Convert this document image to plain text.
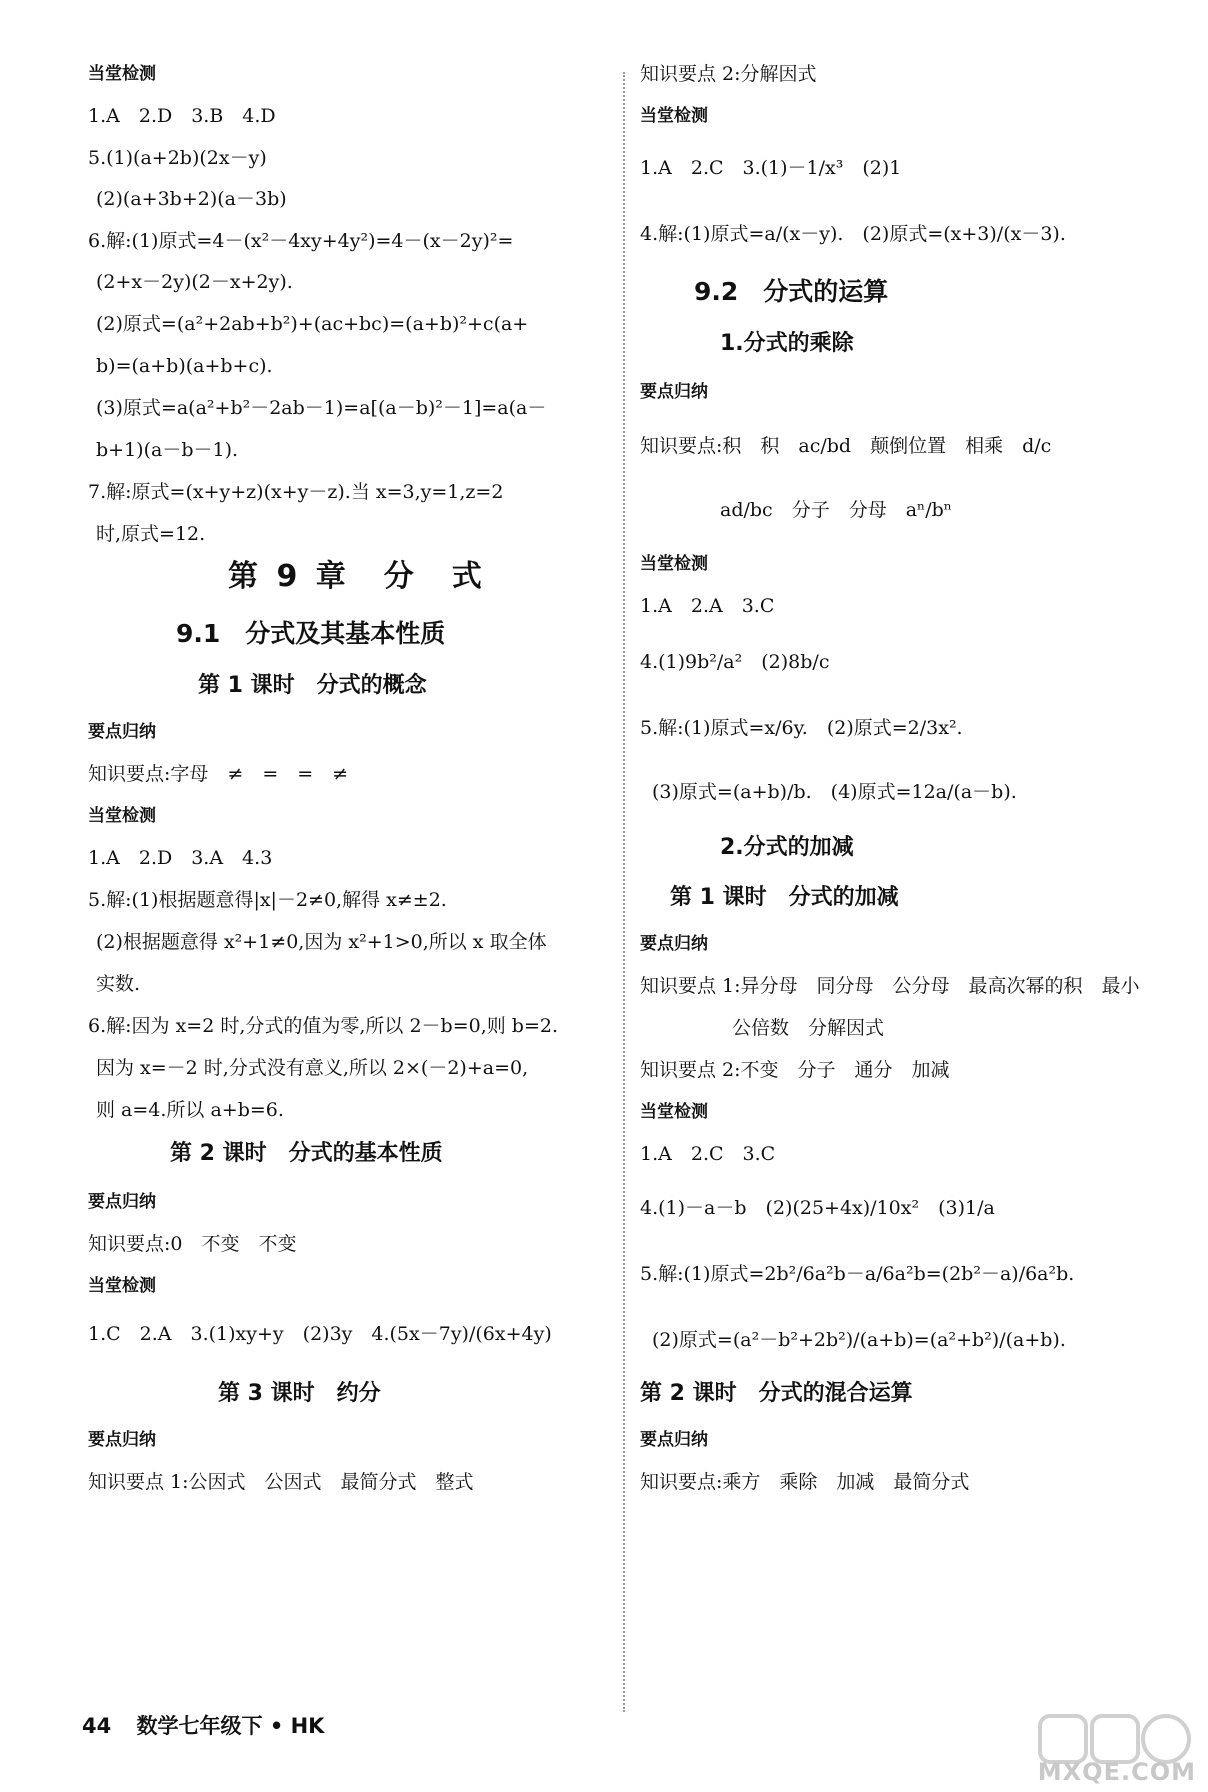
当堂检测
1.A　2.D　3.B　4.D
5.(1)(a+2b)(2x－y)
(2)(a+3b+2)(a－3b)
6.解:(1)原式=4－(x²－4xy+4y²)=4－(x－2y)²=
(2+x－2y)(2－x+2y).
(2)原式=(a²+2ab+b²)+(ac+bc)=(a+b)²+c(a+
b)=(a+b)(a+b+c).
(3)原式=a(a²+b²－2ab－1)=a[(a－b)²－1]=a(a－
b+1)(a－b－1).
7.解:原式=(x+y+z)(x+y－z).当 x=3,y=1,z=2
时,原式=12.
第 9 章　分　式
9.1　分式及其基本性质
第 1 课时　分式的概念
要点归纳
知识要点:字母　≠　=　=　≠
当堂检测
1.A　2.D　3.A　4.3
5.解:(1)根据题意得|x|－2≠0,解得 x≠±2.
(2)根据题意得 x²+1≠0,因为 x²+1>0,所以 x 取全体
实数.
6.解:因为 x=2 时,分式的值为零,所以 2－b=0,则 b=2.
因为 x=－2 时,分式没有意义,所以 2×(－2)+a=0,
则 a=4.所以 a+b=6.
第 2 课时　分式的基本性质
要点归纳
知识要点:0　不变　不变
当堂检测
1.C　2.A　3.(1)xy+y　(2)3y　4.(5x－7y)/(6x+4y)
第 3 课时　约分
要点归纳
知识要点 1:公因式　公因式　最简分式　整式
知识要点 2:分解因式
当堂检测
1.A　2.C　3.(1)－1/x³　(2)1
4.解:(1)原式=a/(x－y).　(2)原式=(x+3)/(x－3).
9.2　分式的运算
1.分式的乘除
要点归纳
知识要点:积　积　ac/bd　颠倒位置　相乘　d/c
ad/bc　分子　分母　aⁿ/bⁿ
当堂检测
1.A　2.A　3.C
4.(1)9b²/a²　(2)8b/c
5.解:(1)原式=x/6y.　(2)原式=2/3x².
(3)原式=(a+b)/b.　(4)原式=12a/(a－b).
2.分式的加减
第 1 课时　分式的加减
要点归纳
知识要点 1:异分母　同分母　公分母　最高次幂的积　最小
公倍数　分解因式
知识要点 2:不变　分子　通分　加减
当堂检测
1.A　2.C　3.C
4.(1)－a－b　(2)(25+4x)/10x²　(3)1/a
5.解:(1)原式=2b²/6a²b－a/6a²b=(2b²－a)/6a²b.
(2)原式=(a²－b²+2b²)/(a+b)=(a²+b²)/(a+b).
第 2 课时　分式的混合运算
要点归纳
知识要点:乘方　乘除　加减　最简分式
44 数学七年级下 • HK
MXQE.COM
